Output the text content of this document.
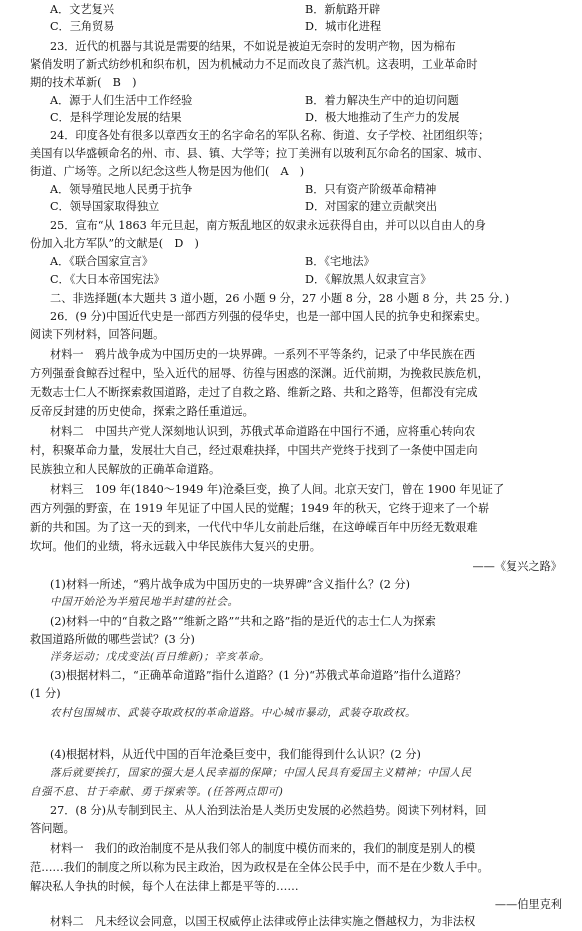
A．文艺复兴	B．新航路开辟
C．三角贸易	D．城市化进程
23．近代的机器与其说是需要的结果，不如说是被迫无奈时的发明产物，因为棉布
紧俏发明了新式纺纱机和织布机，因为机械动力不足而改良了蒸汽机。这表明，工业革命时
期的技术革新(　B　)
A．源于人们生活中工作经验	B．着力解决生产中的迫切问题
C．是科学理论发展的结果	D．极大地推动了生产力的发展
24．印度各处有很多以章西女王的名字命名的军队名称、街道、女子学校、社团组织等；
美国有以华盛顿命名的州、市、县、镇、大学等；拉丁美洲有以玻利瓦尔命名的国家、城市、
街道、广场等。之所以纪念这些人物是因为他们(　A　)
A．领导殖民地人民勇于抗争	B．只有资产阶级革命精神
C．领导国家取得独立	D．对国家的建立贡献突出
25．宣布“从 1863 年元旦起，南方叛乱地区的奴隶永远获得自由，并可以以自由人的身
份加入北方军队”的文献是(　D　)
A．《联合国家宣言》	B．《宅地法》
C．《大日本帝国宪法》	D．《解放黑人奴隶宣言》
二、非选择题(本大题共 3 道小题，26 小题 9 分，27 小题 8 分，28 小题 8 分，共 25 分．)
26．(9 分)中国近代史是一部西方列强的侵华史，也是一部中国人民的抗争史和探索史。
阅读下列材料，回答问题。
材料一　鸦片战争成为中国历史的一块界碑。一系列不平等条约，记录了中华民族在西
方列强蚕食鲸吞过程中，坠入近代的屈辱、彷徨与困惑的深渊。近代前期，为挽救民族危机，
无数志士仁人不断探索救国道路，走过了自救之路、维新之路、共和之路等，但都没有完成
反帝反封建的历史使命，探索之路任重道远。
材料二　中国共产党人深刻地认识到，苏俄式革命道路在中国行不通，应将重心转向农
村，积聚革命力量，发展壮大自己，经过艰难抉择，中国共产党终于找到了一条使中国走向
民族独立和人民解放的正确革命道路。
材料三　109 年(1840～1949 年)沧桑巨变，换了人间。北京天安门，曾在 1900 年见证了
西方列强的野蛮，在 1919 年见证了中国人民的觉醒；1949 年的秋天，它终于迎来了一个崭
新的共和国。为了这一天的到来，一代代中华儿女前赴后继，在这峥嵘百年中历经无数艰难
坎坷。他们的业绩，将永远载入中华民族伟大复兴的史册。
——《复兴之路》
(1)材料一所述，“鸦片战争成为中国历史的一块界碑”含义指什么？(2 分)
中国开始沦为半殖民地半封建的社会。
(2)材料一中的“自救之路”“维新之路”“共和之路”指的是近代的志士仁人为探索
救国道路所做的哪些尝试？(3 分)
洋务运动；戊戌变法(百日维新)；辛亥革命。
(3)根据材料二，“正确革命道路”指什么道路？(1 分)“苏俄式革命道路”指什么道路？
(1 分)
农村包围城市、武装夺取政权的革命道路。中心城市暴动，武装夺取政权。
(4)根据材料，从近代中国的百年沧桑巨变中，我们能得到什么认识？(2 分)
落后就要挨打，国家的强大是人民幸福的保障；中国人民具有爱国主义精神；中国人民
自强不息、甘于牵献、勇于探索等。(任答两点即可)
27．(8 分)从专制到民主、从人治到法治是人类历史发展的必然趋势。阅读下列材料，回
答问题。
材料一　我们的政治制度不是从我们邻人的制度中模仿而来的，我们的制度是别人的模
范……我们的制度之所以称为民主政治，因为政权是在全体公民手中，而不是在少数人手中。
解决私人争执的时候，每个人在法律上都是平等的……
——伯里克利
材料二　凡未经议会同意，以国王权威停止法律或停止法律实施之僭越权力，为非法权
